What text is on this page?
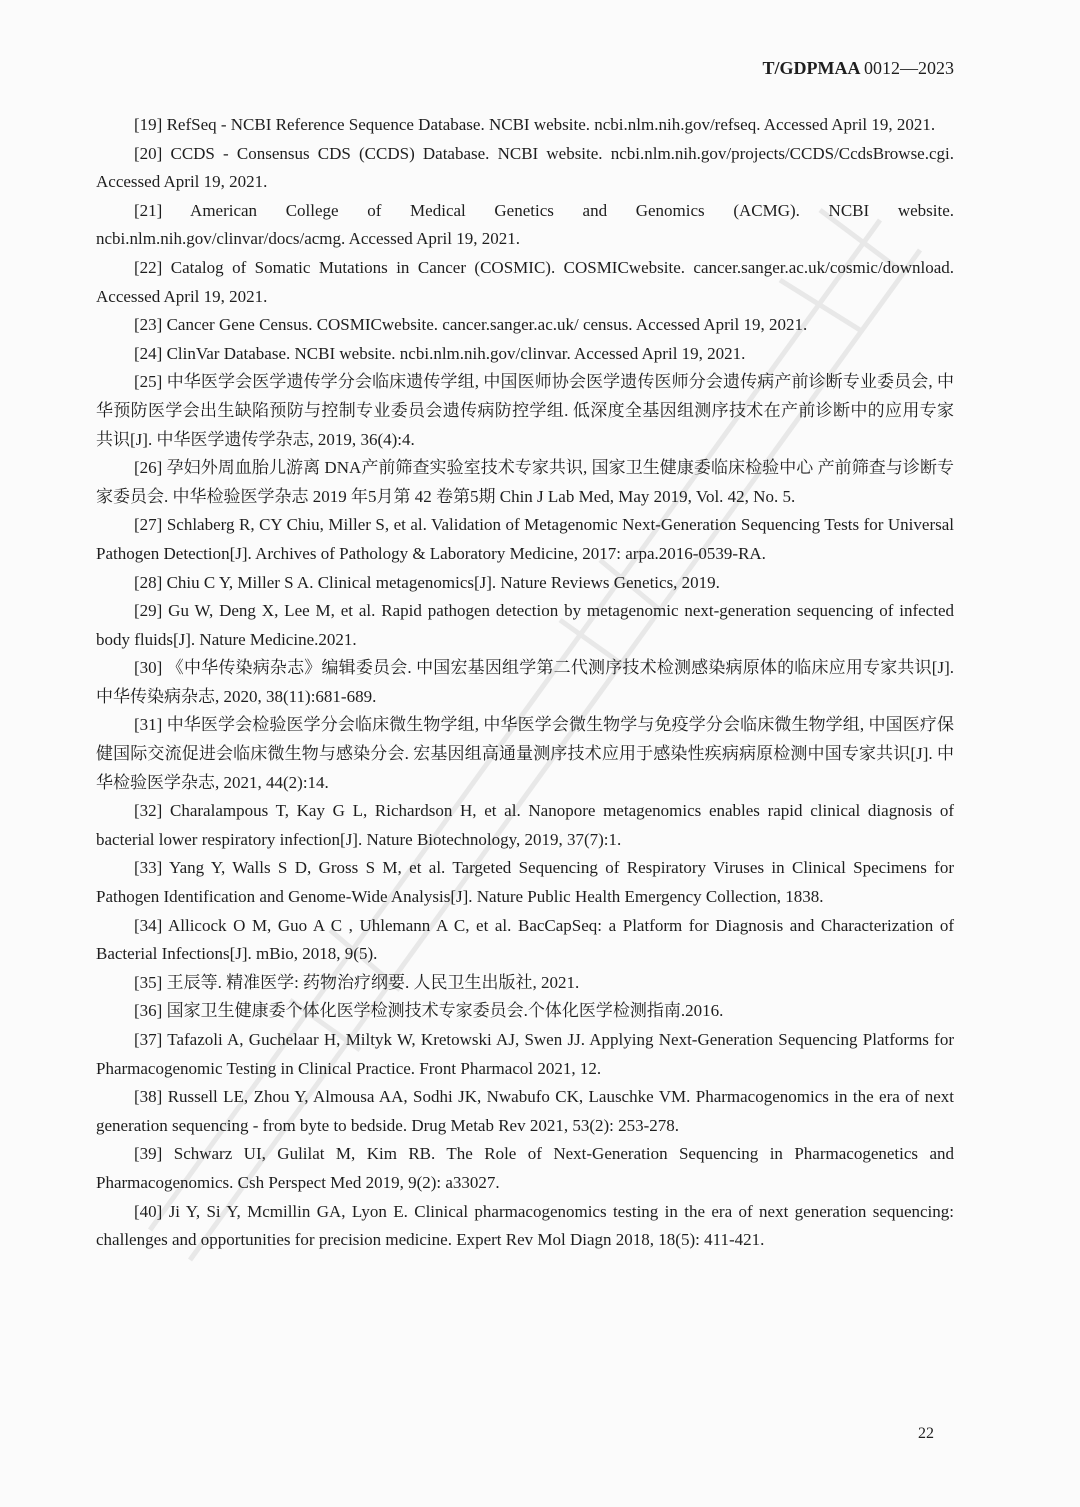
T/GDPMAA 0012—2023

[19] RefSeq - NCBI Reference Sequence Database. NCBI website. ncbi.nlm.nih.gov/refseq. Accessed April 19, 2021.

[20] CCDS - Consensus CDS (CCDS) Database. NCBI website. ncbi.nlm.nih.gov/projects/CCDS/CcdsBrowse.cgi. Accessed April 19, 2021.

[21] American College of Medical Genetics and Genomics (ACMG). NCBI website. ncbi.nlm.nih.gov/clinvar/docs/acmg. Accessed April 19, 2021.

[22] Catalog of Somatic Mutations in Cancer (COSMIC). COSMICwebsite. cancer.sanger.ac.uk/cosmic/download. Accessed April 19, 2021.

[23] Cancer Gene Census. COSMICwebsite. cancer.sanger.ac.uk/ census. Accessed April 19, 2021.

[24] ClinVar Database. NCBI website. ncbi.nlm.nih.gov/clinvar. Accessed April 19, 2021.

[25] 中华医学会医学遗传学分会临床遗传学组, 中国医师协会医学遗传医师分会遗传病产前诊断专业委员会, 中华预防医学会出生缺陷预防与控制专业委员会遗传病防控学组. 低深度全基因组测序技术在产前诊断中的应用专家共识[J]. 中华医学遗传学杂志, 2019, 36(4):4.

[26] 孕妇外周血胎儿游离 DNA产前筛查实验室技术专家共识, 国家卫生健康委临床检验中心 产前筛查与诊断专家委员会. 中华检验医学杂志 2019 年5月第 42 卷第5期 Chin J Lab Med, May 2019, Vol. 42, No. 5.

[27] Schlaberg R, CY Chiu, Miller S, et al. Validation of Metagenomic Next-Generation Sequencing Tests for Universal Pathogen Detection[J]. Archives of Pathology & Laboratory Medicine, 2017: arpa.2016-0539-RA.

[28] Chiu C Y, Miller S A. Clinical metagenomics[J]. Nature Reviews Genetics, 2019.

[29] Gu W, Deng X, Lee M, et al. Rapid pathogen detection by metagenomic next-generation sequencing of infected body fluids[J]. Nature Medicine.2021.

[30] 《中华传染病杂志》编辑委员会. 中国宏基因组学第二代测序技术检测感染病原体的临床应用专家共识[J]. 中华传染病杂志, 2020, 38(11):681-689.

[31] 中华医学会检验医学分会临床微生物学组, 中华医学会微生物学与免疫学分会临床微生物学组, 中国医疗保健国际交流促进会临床微生物与感染分会. 宏基因组高通量测序技术应用于感染性疾病病原检测中国专家共识[J]. 中华检验医学杂志, 2021, 44(2):14.

[32] Charalampous T, Kay G L, Richardson H, et al. Nanopore metagenomics enables rapid clinical diagnosis of bacterial lower respiratory infection[J]. Nature Biotechnology, 2019, 37(7):1.

[33] Yang Y, Walls S D, Gross S M, et al. Targeted Sequencing of Respiratory Viruses in Clinical Specimens for Pathogen Identification and Genome-Wide Analysis[J]. Nature Public Health Emergency Collection, 1838.

[34] Allicock O M, Guo A C , Uhlemann A C, et al. BacCapSeq: a Platform for Diagnosis and Characterization of Bacterial Infections[J]. mBio, 2018, 9(5).

[35] 王辰等. 精准医学: 药物治疗纲要. 人民卫生出版社, 2021.

[36] 国家卫生健康委个体化医学检测技术专家委员会.个体化医学检测指南.2016.

[37] Tafazoli A, Guchelaar H, Miltyk W, Kretowski AJ, Swen JJ. Applying Next-Generation Sequencing Platforms for Pharmacogenomic Testing in Clinical Practice. Front Pharmacol 2021, 12.

[38] Russell LE, Zhou Y, Almousa AA, Sodhi JK, Nwabufo CK, Lauschke VM. Pharmacogenomics in the era of next generation sequencing - from byte to bedside. Drug Metab Rev 2021, 53(2): 253-278.

[39] Schwarz UI, Gulilat M, Kim RB. The Role of Next-Generation Sequencing in Pharmacogenetics and Pharmacogenomics. Csh Perspect Med 2019, 9(2): a33027.

[40] Ji Y, Si Y, Mcmillin GA, Lyon E. Clinical pharmacogenomics testing in the era of next generation sequencing: challenges and opportunities for precision medicine. Expert Rev Mol Diagn 2018, 18(5): 411-421.

22
